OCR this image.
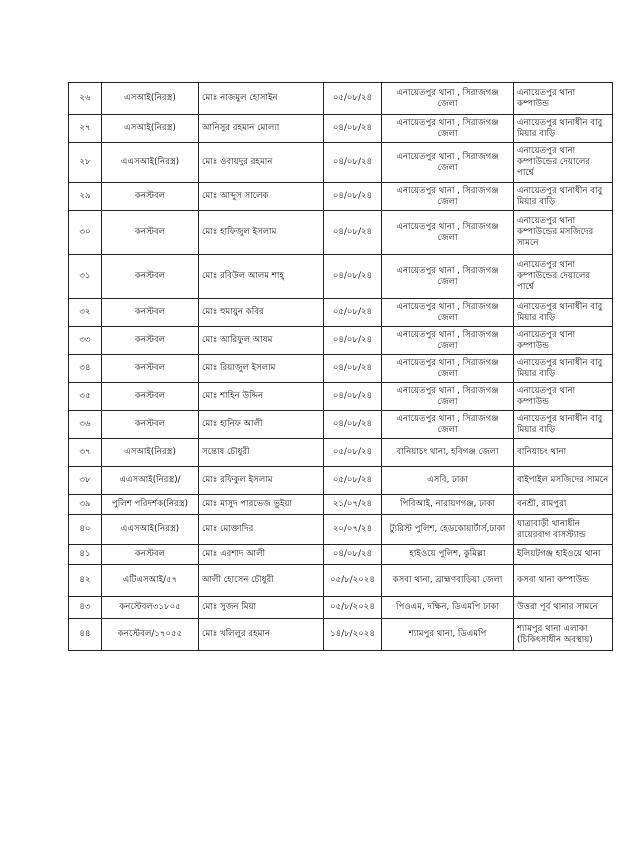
২৬	এসআই(নিরস্ত্র)	মোঃ নাজমুল হোসাইন	০৫/০৮/২৪	এনায়েতপুর থানা , সিরাজগঞ্জ জেলা	এনায়েতপুর থানা কম্পাউন্ড
২৭	এসআই(নিরস্ত্র)	আনিসুর রহমান মোল্যা	০৪/০৮/২৪	এনায়েতপুর থানা , সিরাজগঞ্জ জেলা	এনায়েতপুর থানাধীন বাবু মিয়ার বাড়ি
২৮	এএসআই(নিরস্ত্র)	মোঃ ওবায়দুর রহমান	০৪/০৮/২৪	এনায়েতপুর থানা , সিরাজগঞ্জ জেলা	এনায়েতপুর থানা কম্পাউন্ডের দেয়ালের পার্শ্বে
২৯	কনস্টবল	মোঃ আব্দুস সালেক	০৪/০৮/২৪	এনায়েতপুর থানা , সিরাজগঞ্জ জেলা	এনায়েতপুর থানাধীন বাবু মিয়ার বাড়ি
৩০	কনস্টবল	মোঃ হাফিজুল ইসলাম	০৪/০৮/২৪	এনায়েতপুর থানা , সিরাজগঞ্জ জেলা	এনায়েতপুর থানা কম্পাউন্ডের মসজিদের সামনে
৩১	কনস্টবল	মোঃ রবিউল আলম শাহ্	০৪/০৮/২৪	এনায়েতপুর থানা , সিরাজগঞ্জ জেলা	এনায়েতপুর থানা কম্পাউন্ডের দেয়ালের পার্শ্বে
৩২	কনস্টবল	মোঃ হুমায়ুন কবির	০৫/০৮/২৪	এনায়েতপুর থানা , সিরাজগঞ্জ জেলা	এনায়েতপুর থানাধীন বাবু মিয়ার বাড়ি
৩৩	কনস্টবল	মোঃ আরিফুল আযম	০৪/০৮/২৪	এনায়েতপুর থানা , সিরাজগঞ্জ জেলা	এনায়েতপুর থানা কম্পাউন্ড
৩৪	কনস্টবল	মোঃ রিয়াজুল ইসলাম	০৪/০৮/২৪	এনায়েতপুর থানা , সিরাজগঞ্জ জেলা	এনায়েতপুর থানাধীন বাবু মিয়ার বাড়ি
৩৫	কনস্টবল	মোঃ শাহিন উদ্দিন	০৪/০৮/২৪	এনায়েতপুর থানা , সিরাজগঞ্জ জেলা	এনায়েতপুর থানা কম্পাউন্ড
৩৬	কনস্টবল	মোঃ হানিফ আলী	০৪/০৮/২৪	এনায়েতপুর থানা , সিরাজগঞ্জ জেলা	এনায়েতপুর থানাধীন বাবু মিয়ার বাড়ি
৩৭	এসআই(নিরস্ত্র)	সন্তোষ চৌধুরী	০৫/০৮/২৪	বানিয়াচং থানা, হবিগঞ্জ জেলা	বানিয়াচং থানা
৩৮	এএসআই(নিরস্ত্র)/	মোঃ রফিকুল ইসলাম	০৫/০৮/২৪	এসবি, ঢাকা	বাইপাইল মসজিদের সামনে
৩৯	পুলিশ পরিদর্শক(নিরস্ত্র)	মোঃ মাসুদ পারভেজ ভুইয়া	২১/০৭/২৪	পিবিআই, নারায়ণগঞ্জ, ঢাকা	বনশ্রী, রামপুরা
৪০	এএসআই(নিরস্ত্র)	মোঃ মোক্তাদির	২০/০৭/২৪	ট্যুরিস্ট পুলিশ, হেডকোয়ার্টার্স,ঢাকা	যাত্রাবাড়ী থানাধীন রায়েরবাগ বাসস্ট্যান্ড
৪১	কনস্টবল	মোঃ এরশাদ আলী	০৪/০৮/২৪	হাইওয়ে পুলিশ, কুমিল্লা	ইলিয়টগঞ্জ হাইওয়ে থানা
৪২	এটিএসআই/৫৭	আলী হোসেন চৌধুরী	০৫/৮/২০২৪	কসবা থানা, ব্রাহ্মণবাড়িয়া জেলা	কসবা থানা কম্পাউন্ড
৪৩	কনস্টেবল৩১৮০৫	মোঃ সুজন মিয়া	০৫/৮/২০২৪	পিওএম, দক্ষিন, ডিএমপি ঢাকা	উত্তরা পূর্ব থানার সামনে
৪৪	কনস্টেবল/১৭০৫৫	মোঃ খলিলুর রহমান	১৪/৮/২০২৪	শ্যামপুর থানা, ডিএমপি	শ্যামপুর থানা এলাকা (চিকিৎসাধীন অবস্থায়)
